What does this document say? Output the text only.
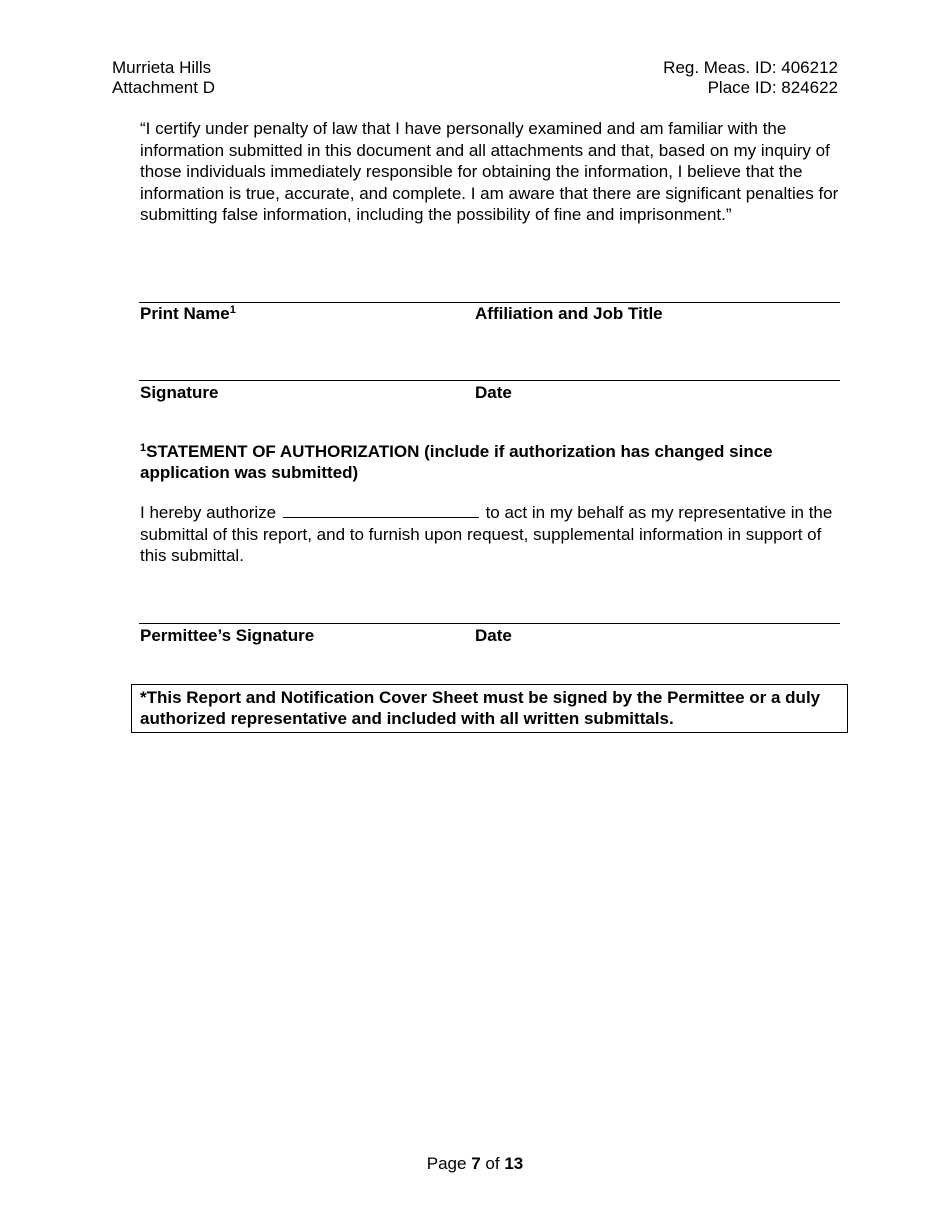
Murrieta Hills
Attachment D
Reg. Meas. ID: 406212
Place ID: 824622
“I certify under penalty of law that I have personally examined and am familiar with the information submitted in this document and all attachments and that, based on my inquiry of those individuals immediately responsible for obtaining the information, I believe that the information is true, accurate, and complete. I am aware that there are significant penalties for submitting false information, including the possibility of fine and imprisonment.”
Print Name$^1$	Affiliation and Job Title
Signature	Date
$^1$STATEMENT OF AUTHORIZATION (include if authorization has changed since application was submitted)
I hereby authorize	to act in my behalf as my representative in the submittal of this report, and to furnish upon request, supplemental information in support of this submittal.
Permittee’s Signature	Date
*This Report and Notification Cover Sheet must be signed by the Permittee or a duly authorized representative and included with all written submittals.
Page 7 of 13
